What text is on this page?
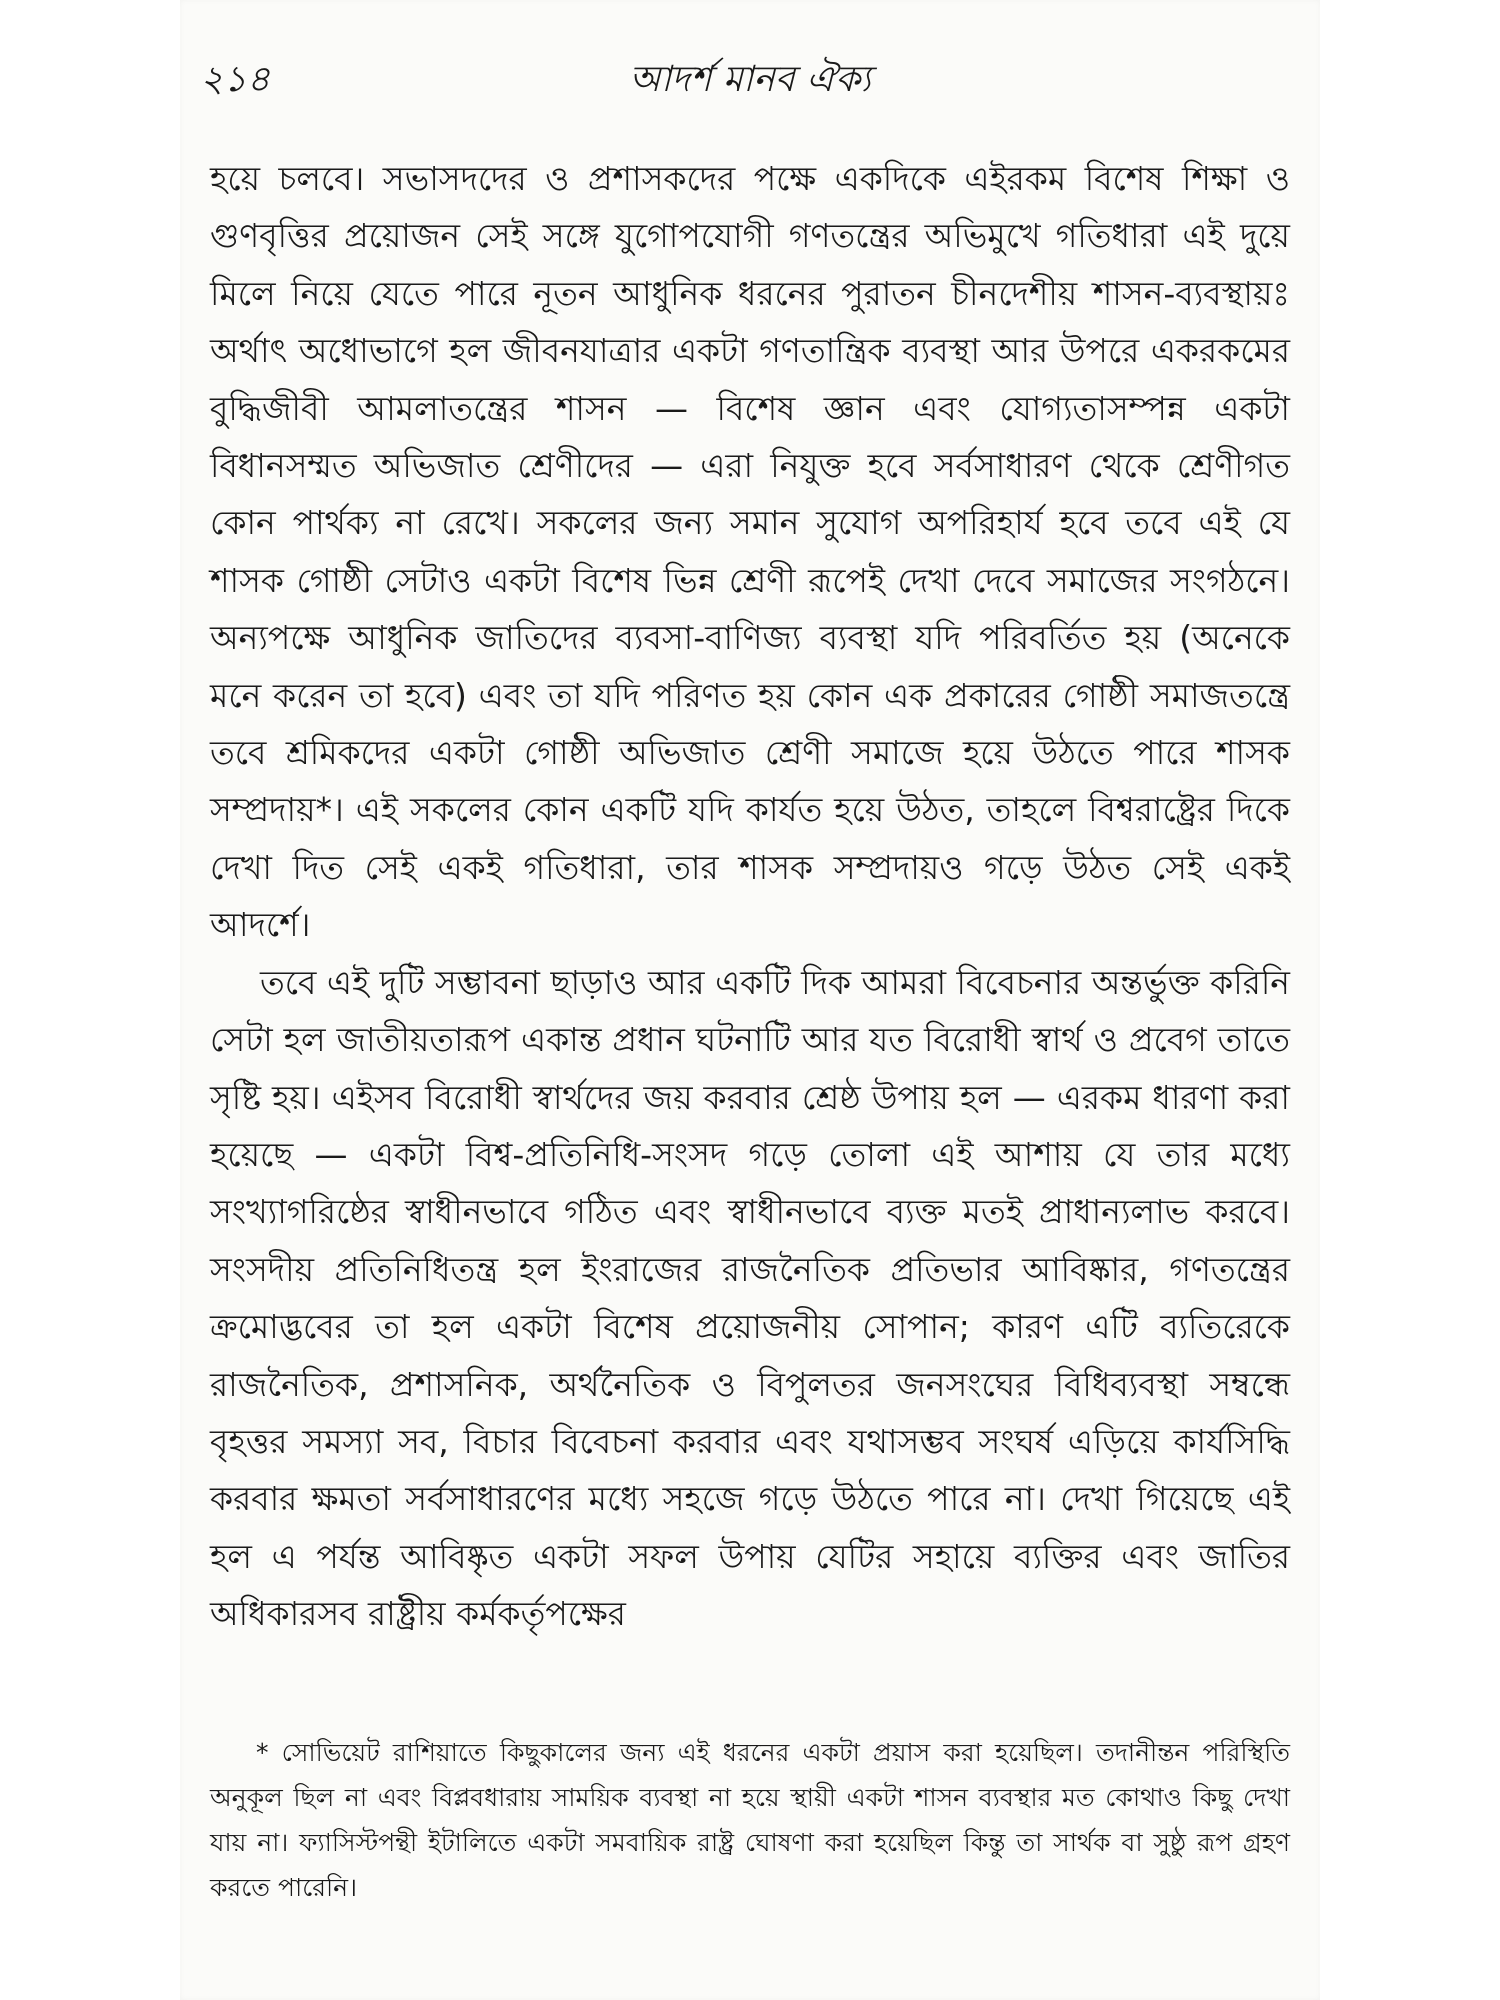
২১৪	আদর্শ মানব ঐক্য

হয়ে চলবে। সভাসদদের ও প্রশাসকদের পক্ষে একদিকে এইরকম বিশেষ শিক্ষা ও গুণবৃত্তির প্রয়োজন সেই সঙ্গে যুগোপযোগী গণতন্ত্রের অভিমুখে গতিধারা এই দুয়ে মিলে নিয়ে যেতে পারে নূতন আধুনিক ধরনের পুরাতন চীনদেশীয় শাসন-ব্যবস্থায়ঃ অর্থাৎ অধোভাগে হল জীবনযাত্রার একটা গণতান্ত্রিক ব্যবস্থা আর উপরে একরকমের বুদ্ধিজীবী আমলাতন্ত্রের শাসন — বিশেষ জ্ঞান এবং যোগ্যতাসম্পন্ন একটা বিধানসম্মত অভিজাত শ্রেণীদের — এরা নিযুক্ত হবে সর্বসাধারণ থেকে শ্রেণীগত কোন পার্থক্য না রেখে। সকলের জন্য সমান সুযোগ অপরিহার্য হবে তবে এই যে শাসক গোষ্ঠী সেটাও একটা বিশেষ ভিন্ন শ্রেণী রূপেই দেখা দেবে সমাজের সংগঠনে। অন্যপক্ষে আধুনিক জাতিদের ব্যবসা-বাণিজ্য ব্যবস্থা যদি পরিবর্তিত হয় (অনেকে মনে করেন তা হবে) এবং তা যদি পরিণত হয় কোন এক প্রকারের গোষ্ঠী সমাজতন্ত্রে তবে শ্রমিকদের একটা গোষ্ঠী অভিজাত শ্রেণী সমাজে হয়ে উঠতে পারে শাসক সম্প্রদায়*। এই সকলের কোন একটি যদি কার্যত হয়ে উঠত, তাহলে বিশ্বরাষ্ট্রের দিকে দেখা দিত সেই একই গতিধারা, তার শাসক সম্প্রদায়ও গড়ে উঠত সেই একই আদর্শে।

তবে এই দুটি সম্ভাবনা ছাড়াও আর একটি দিক আমরা বিবেচনার অন্তর্ভুক্ত করিনি সেটা হল জাতীয়তারূপ একান্ত প্রধান ঘটনাটি আর যত বিরোধী স্বার্থ ও প্রবেগ তাতে সৃষ্টি হয়। এইসব বিরোধী স্বার্থদের জয় করবার শ্রেষ্ঠ উপায় হল — এরকম ধারণা করা হয়েছে — একটা বিশ্ব-প্রতিনিধি-সংসদ গড়ে তোলা এই আশায় যে তার মধ্যে সংখ্যাগরিষ্ঠের স্বাধীনভাবে গঠিত এবং স্বাধীনভাবে ব্যক্ত মতই প্রাধান্যলাভ করবে। সংসদীয় প্রতিনিধিতন্ত্র হল ইংরাজের রাজনৈতিক প্রতিভার আবিষ্কার, গণতন্ত্রের ক্রমোদ্ভবের তা হল একটা বিশেষ প্রয়োজনীয় সোপান; কারণ এটি ব্যতিরেকে রাজনৈতিক, প্রশাসনিক, অর্থনৈতিক ও বিপুলতর জনসংঘের বিধিব্যবস্থা সম্বন্ধে বৃহত্তর সমস্যা সব, বিচার বিবেচনা করবার এবং যথাসম্ভব সংঘর্ষ এড়িয়ে কার্যসিদ্ধি করবার ক্ষমতা সর্বসাধারণের মধ্যে সহজে গড়ে উঠতে পারে না। দেখা গিয়েছে এই হল এ পর্যন্ত আবিষ্কৃত একটা সফল উপায় যেটির সহায়ে ব্যক্তির এবং জাতির অধিকারসব রাষ্ট্রীয় কর্মকর্তৃপক্ষের

* সোভিয়েট রাশিয়াতে কিছুকালের জন্য এই ধরনের একটা প্রয়াস করা হয়েছিল। তদানীন্তন পরিস্থিতি অনুকূল ছিল না এবং বিপ্লবধারায় সাময়িক ব্যবস্থা না হয়ে স্থায়ী একটা শাসন ব্যবস্থার মত কোথাও কিছু দেখা যায় না। ফ্যাসিস্টপন্থী ইটালিতে একটা সমবায়িক রাষ্ট্র ঘোষণা করা হয়েছিল কিন্তু তা সার্থক বা সুষ্ঠু রূপ গ্রহণ করতে পারেনি।
